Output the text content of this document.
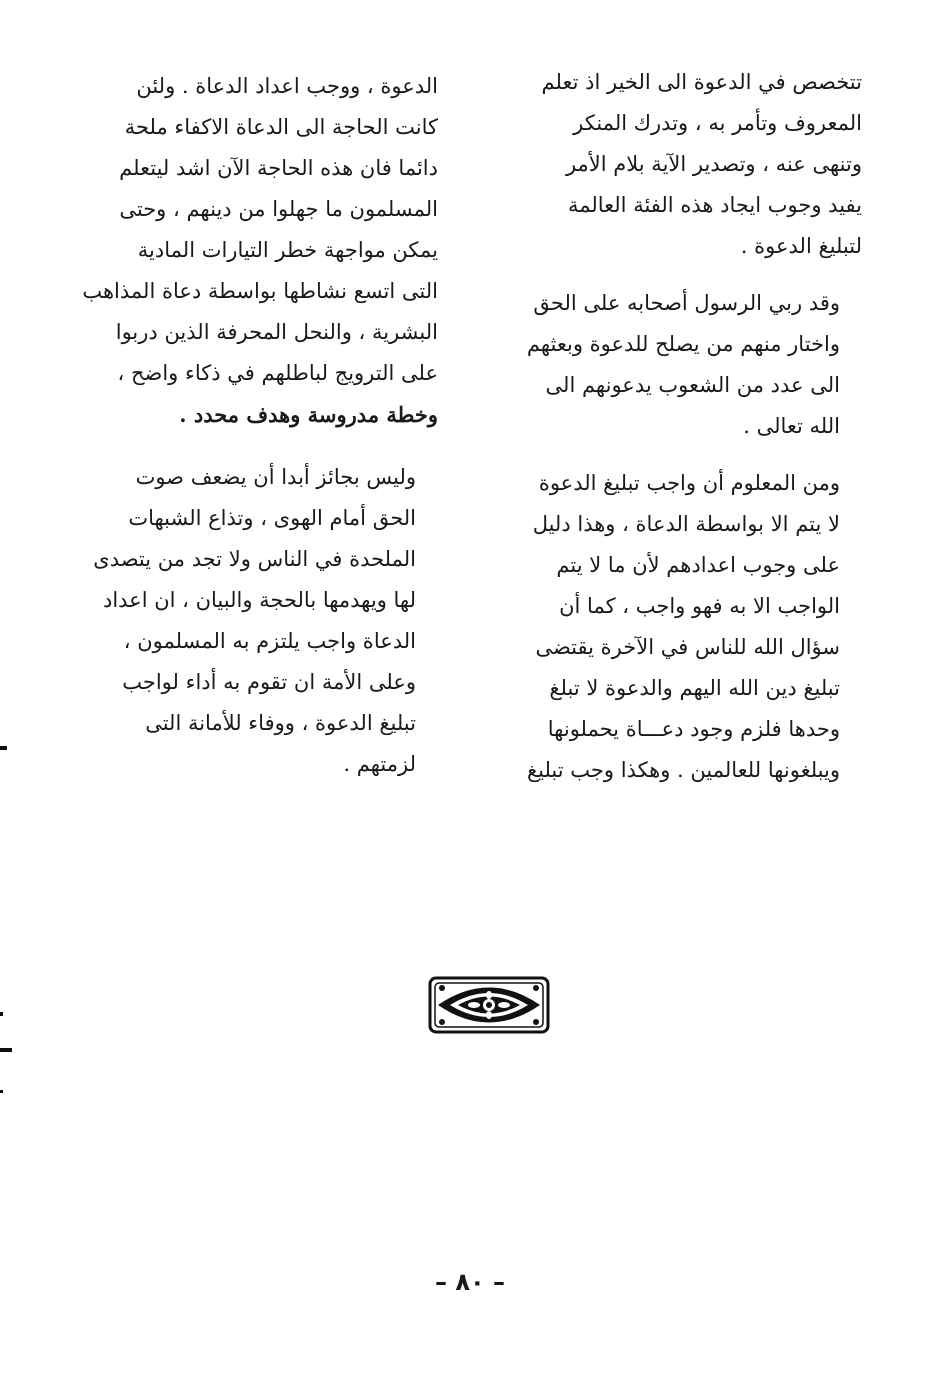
تتخصص في الدعوة الى الخير اذ تعلم
المعروف وتأمر به ، وتدرك المنكر
وتنهى عنه ، وتصدير الآية بلام الأمر
يفيد وجوب ايجاد هذه الفئة العالمة
لتبليغ الدعوة .

وقد ربي الرسول أصحابه على الحق
واختار منهم من يصلح للدعوة وبعثهم
الى عدد من الشعوب يدعونهم الى
الله تعالى .

ومن المعلوم أن واجب تبليغ الدعوة
لا يتم الا بواسطة الدعاة ، وهذا دليل
على وجوب اعدادهم لأن ما لا يتم
الواجب الا به فهو واجب ، كما أن
سؤال الله للناس في الآخرة يقتضى
تبليغ دين الله اليهم والدعوة لا تبلغ
وحدها فلزم وجود دعـــاة يحملونها
ويبلغونها للعالمين . وهكذا وجب تبليغ

الدعوة ، ووجب اعداد الدعاة . ولئن
كانت الحاجة الى الدعاة الاكفاء ملحة
دائما فان هذه الحاجة الآن اشد ليتعلم
المسلمون ما جهلوا من دينهم ، وحتى
يمكن مواجهة خطر التيارات المادية
التى اتسع نشاطها بواسطة دعاة المذاهب
البشرية ، والنحل المحرفة الذين دربوا
على الترويج لباطلهم في ذكاء واضح ،
وخطة مدروسة وهدف محدد .

وليس بجائز أبدا أن يضعف صوت
الحق أمام الهوى ، وتذاع الشبهات
الملحدة في الناس ولا تجد من يتصدى
لها ويهدمها بالحجة والبيان ، ان اعداد
الدعاة واجب يلتزم به المسلمون ،
وعلى الأمة ان تقوم به أداء لواجب
تبليغ الدعوة ، ووفاء للأمانة التى
لزمتهم .

– ٨٠ –
